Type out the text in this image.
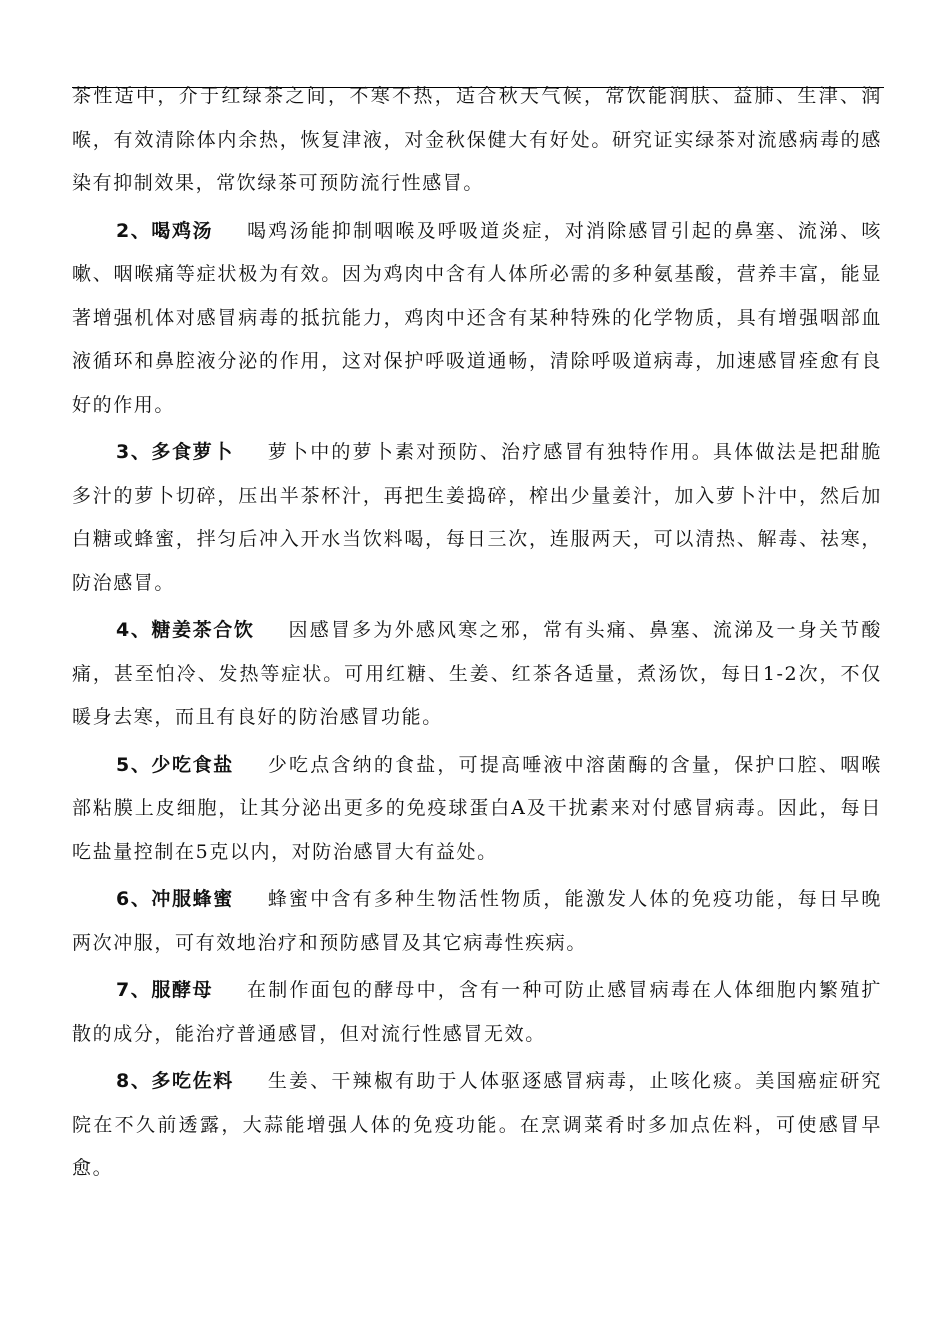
茶性适中，介于红绿茶之间，不寒不热，适合秋天气候，常饮能润肤、益肺、生津、润喉，有效清除体内余热，恢复津液，对金秋保健大有好处。研究证实绿茶对流感病毒的感染有抑制效果，常饮绿茶可预防流行性感冒。

2、喝鸡汤 喝鸡汤能抑制咽喉及呼吸道炎症，对消除感冒引起的鼻塞、流涕、咳嗽、咽喉痛等症状极为有效。因为鸡肉中含有人体所必需的多种氨基酸，营养丰富，能显著增强机体对感冒病毒的抵抗能力，鸡肉中还含有某种特殊的化学物质，具有增强咽部血液循环和鼻腔液分泌的作用，这对保护呼吸道通畅，清除呼吸道病毒，加速感冒痊愈有良好的作用。

3、多食萝卜 萝卜中的萝卜素对预防、治疗感冒有独特作用。具体做法是把甜脆多汁的萝卜切碎，压出半茶杯汁，再把生姜捣碎，榨出少量姜汁，加入萝卜汁中，然后加白糖或蜂蜜，拌匀后冲入开水当饮料喝，每日三次，连服两天，可以清热、解毒、祛寒，防治感冒。

4、糖姜茶合饮 因感冒多为外感风寒之邪，常有头痛、鼻塞、流涕及一身关节酸痛，甚至怕冷、发热等症状。可用红糖、生姜、红茶各适量，煮汤饮，每日1-2次，不仅暖身去寒，而且有良好的防治感冒功能。

5、少吃食盐 少吃点含纳的食盐，可提高唾液中溶菌酶的含量，保护口腔、咽喉部粘膜上皮细胞，让其分泌出更多的免疫球蛋白A及干扰素来对付感冒病毒。因此，每日吃盐量控制在5克以内，对防治感冒大有益处。

6、冲服蜂蜜 蜂蜜中含有多种生物活性物质，能激发人体的免疫功能，每日早晚两次冲服，可有效地治疗和预防感冒及其它病毒性疾病。

7、服酵母 在制作面包的酵母中，含有一种可防止感冒病毒在人体细胞内繁殖扩散的成分，能治疗普通感冒，但对流行性感冒无效。

8、多吃佐料 生姜、干辣椒有助于人体驱逐感冒病毒，止咳化痰。美国癌症研究院在不久前透露，大蒜能增强人体的免疫功能。在烹调菜肴时多加点佐料，可使感冒早愈。
